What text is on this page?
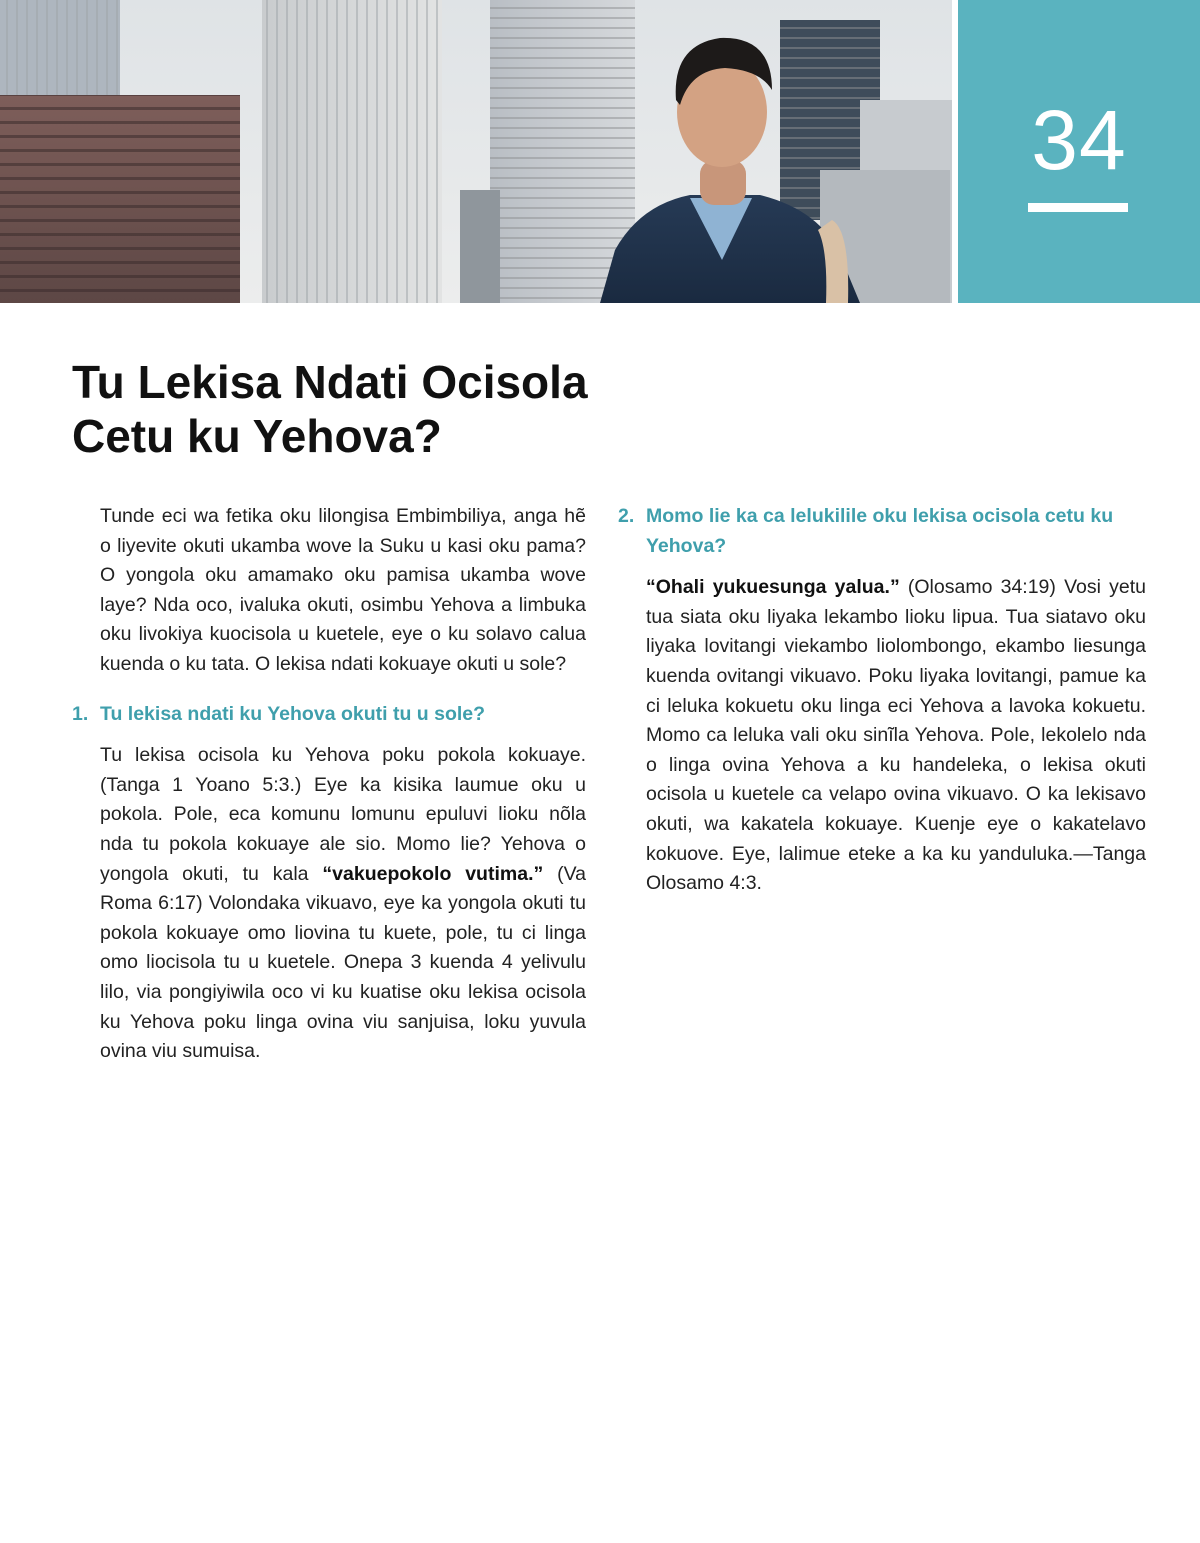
34
Tu Lekisa Ndati Ocisola
Cetu ku Yehova?

Tunde eci wa fetika oku lilongisa Embimbiliya, anga hẽ o liyevite okuti ukamba wove la Suku u kasi oku pama? O yongola oku amamako oku pamisa ukamba wove laye? Nda oco, ivaluka okuti, osimbu Yehova a limbuka oku livokiya kuocisola u kuetele, eye o ku solavo calua kuenda o ku tata. O lekisa ndati kokuaye okuti u sole?

1. Tu lekisa ndati ku Yehova okuti tu u sole?

Tu lekisa ocisola ku Yehova poku pokola kokuaye. (Tanga 1 Yoano 5:3.) Eye ka kisika laumue oku u pokola. Pole, eca komunu lomunu epuluvi lioku nõla nda tu pokola kokuaye ale sio. Momo lie? Yehova o yongola okuti, tu kala “vakuepokolo vutima.” (Va Roma 6:17) Volondaka vikuavo, eye ka yongola okuti tu pokola kokuaye omo liovina tu kuete, pole, tu ci linga omo liocisola tu u kuetele. Onepa 3 kuenda 4 yelivulu lilo, via pongiyiwila oco vi ku kuatise oku lekisa ocisola ku Yehova poku linga ovina viu sanjuisa, loku yuvula ovina viu sumuisa.

2. Momo lie ka ca lelukilile oku lekisa ocisola cetu ku Yehova?

“Ohali yukuesunga yalua.” (Olosamo 34:19) Vosi yetu tua siata oku liyaka lekambo lioku lipua. Tua siatavo oku liyaka lovitangi viekambo liolombongo, ekambo liesunga kuenda ovitangi vikuavo. Poku liyaka lovitangi, pamue ka ci leluka kokuetu oku linga eci Yehova a lavoka kokuetu. Momo ca leluka vali oku sinĩla Yehova. Pole, lekolelo nda o linga ovina Yehova a ku handeleka, o lekisa okuti ocisola u kuetele ca velapo ovina vikuavo. O ka lekisavo okuti, wa kakatela kokuaye. Kuenje eye o kakatelavo kokuove. Eye, lalimue eteke a ka ku yanduluka.—Tanga Olosamo 4:3.
